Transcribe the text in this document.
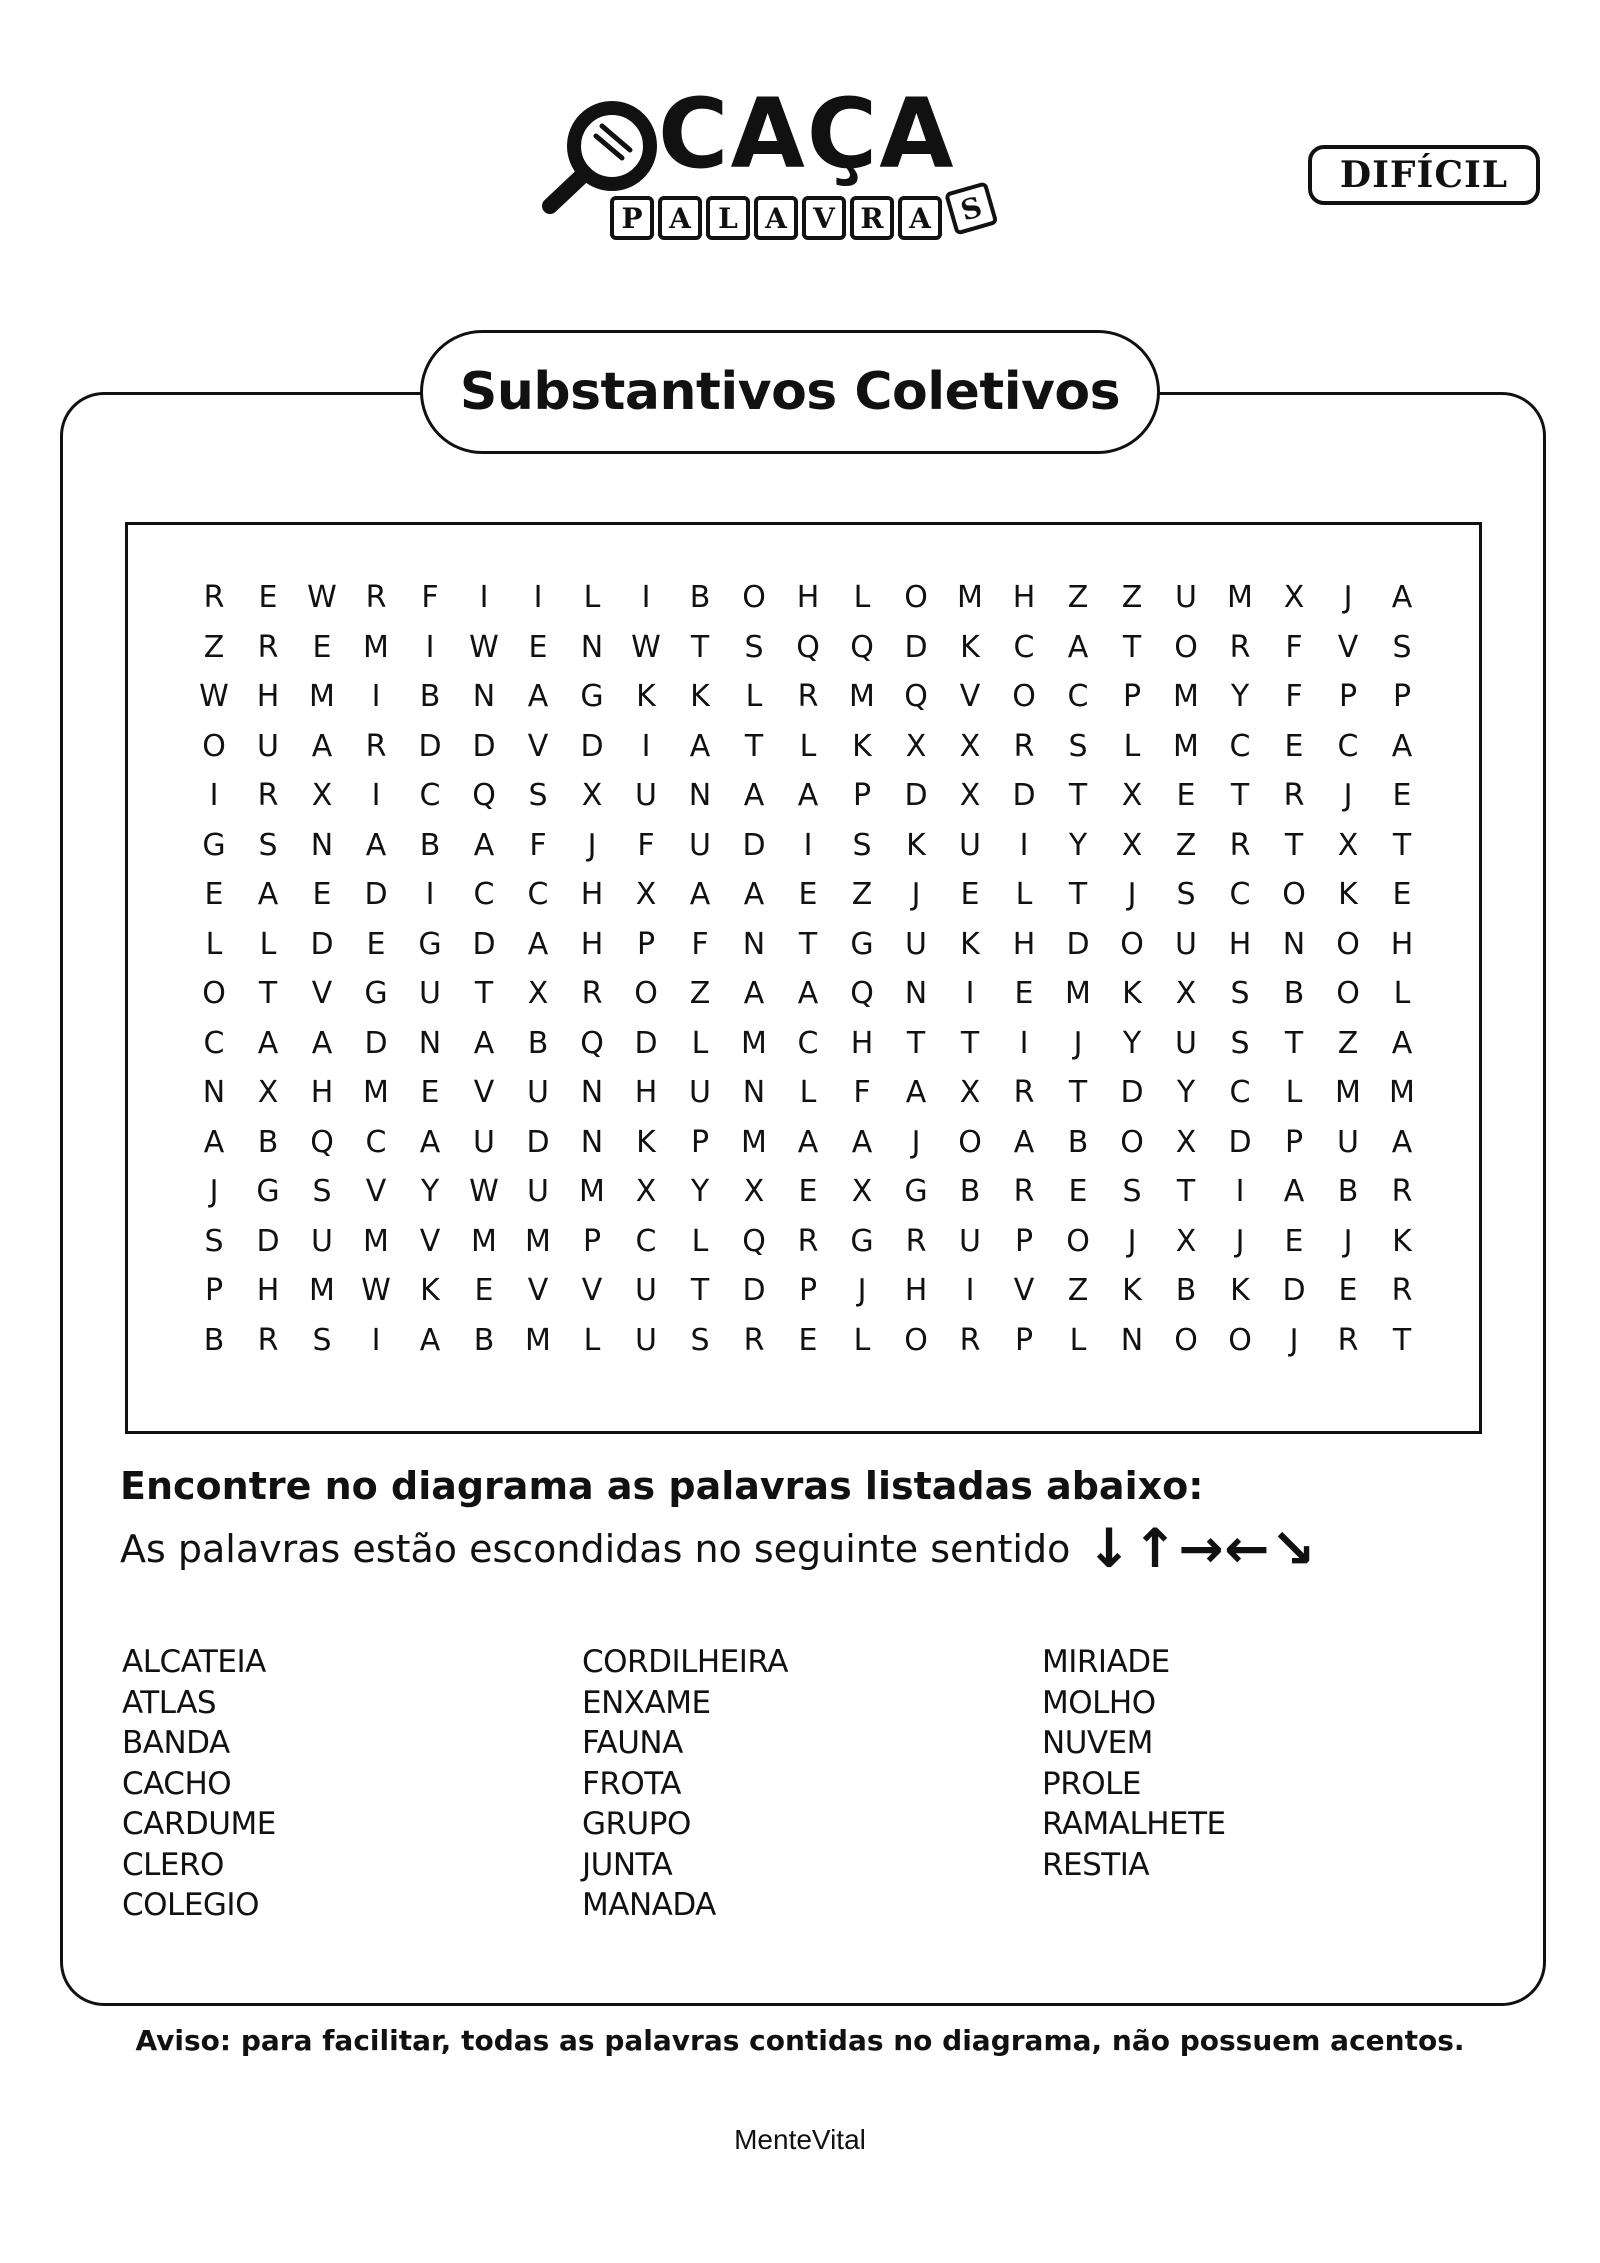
CAÇA
P A L A V R A S
DIFÍCIL
Substantivos Coletivos
R	E W R	F	I	I	L	I	B	O	H	L	O M H	Z	Z	U	M	X	J	A
Z	R	E	M	I	W E	N W	T	S	Q	Q	D	K	C	A	T	O	R	F	V	S
W H M	I	B	N	A	G	K	K	L	R	M Q	V	O	C	P	M	Y	F	P	P
O	U	A	R	D	D	V	D	I	A	T	L	K	X	X	R	S	L	M	C	E	C	A
I	R	X	I	C	Q	S	X	U	N	A	A	P	D	X	D	T	X	E	T	R	J	E
G	S	N	A	B	A	F	J	F	U	D	I	S	K	U	I	Y	X	Z	R	T	X	T
E	A	E	D	I	C	C	H	X	A	A	E	Z	J	E	L	T	J	S	C	O	K	E
L	L	D	E	G	D	A	H	P	F	N	T	G	U	K	H	D	O	U	H	N	O	H
O	T	V	G	U	T	X	R	O	Z	A	A	Q	N	I	E	M	K	X	S	B	O	L
C	A	A	D	N	A	B	Q	D	L	M	C	H	T	T	I	J	Y	U	S	T	Z	A
N	X	H M	E	V	U	N	H	U	N	L	F	A	X	R	T	D	Y	C	L	M M
A	B	Q	C	A	U	D	N	K	P	M	A	A	J	O	A	B	O	X	D	P	U	A
J	G	S	V	Y	W U	M	X	Y	X	E	X	G	B	R	E	S	T	I	A	B	R
S	D	U	M	V	M M	P	C	L	Q	R	G	R	U	P	O	J	X	J	E	J	K
P	H M W K	E	V	V	U	T	D	P	J	H	I	V	Z	K	B	K	D	E	R
B	R	S	I	A	B	M	L	U	S	R	E	L	O	R	P	L	N	O	O	J	R	T
Encontre no diagrama as palavras listadas abaixo:
As palavras estão escondidas no seguinte sentido ↓ ↑ → ← ↘
ALCATEIA
ATLAS
BANDA
CACHO
CARDUME
CLERO
COLEGIO
CORDILHEIRA
ENXAME
FAUNA
FROTA
GRUPO
JUNTA
MANADA
MIRIADE
MOLHO
NUVEM
PROLE
RAMALHETE
RESTIA
Aviso: para facilitar, todas as palavras contidas no diagrama, não possuem acentos.
MenteVital
